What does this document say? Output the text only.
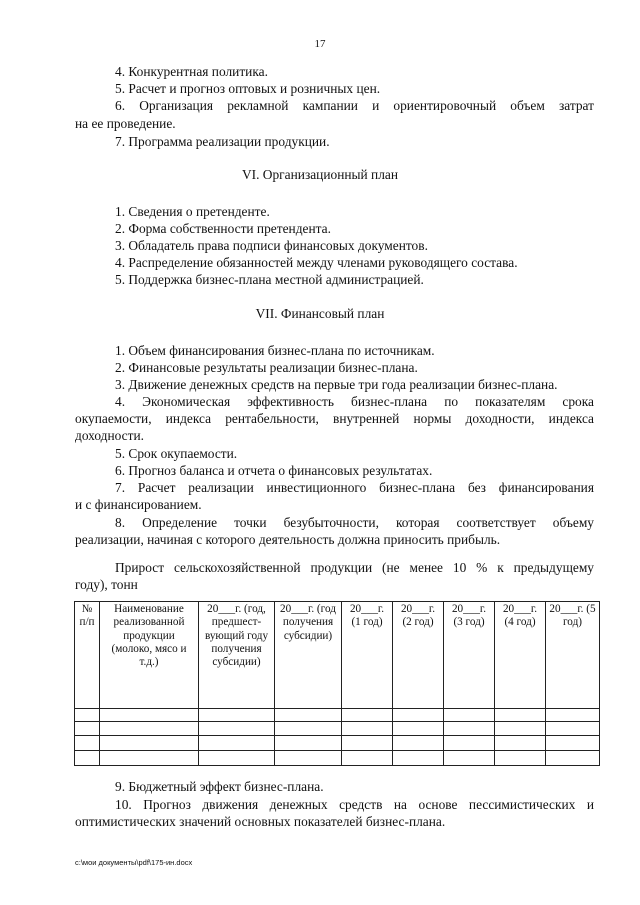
17
4. Конкурентная политика.
5. Расчет и прогноз оптовых и розничных цен.
6. Организация рекламной кампании и ориентировочный объем затрат
на ее проведение.
7. Программа реализации продукции.
VI. Организационный план
1. Сведения о претенденте.
2. Форма собственности претендента.
3. Обладатель права подписи финансовых документов.
4. Распределение обязанностей между членами руководящего состава.
5. Поддержка бизнес-плана местной администрацией.
VII. Финансовый план
1. Объем финансирования бизнес-плана по источникам.
2. Финансовые результаты реализации бизнес-плана.
3. Движение денежных средств на первые три года реализации бизнес-плана.
4. Экономическая эффективность бизнес-плана по показателям срока
окупаемости, индекса рентабельности, внутренней нормы доходности, индекса
доходности.
5. Срок окупаемости.
6. Прогноз баланса и отчета о финансовых результатах.
7. Расчет реализации инвестиционного бизнес-плана без финансирования
и с финансированием.
8. Определение точки безубыточности, которая соответствует объему
реализации, начиная с которого деятельность должна приносить прибыль.
Прирост сельскохозяйственной продукции (не менее 10 % к предыдущему
году), тонн
№ п/п	Наименование реализованной продукции (молоко, мясо и т.д.)	20___г. (год, предшест-вующий году получения субсидии)	20___г. (год получения субсидии)	20___г. (1 год)	20___г. (2 год)	20___г. (3 год)	20___г. (4 год)	20___г. (5 год)

9. Бюджетный эффект бизнес-плана.
10. Прогноз движения денежных средств на основе пессимистических и
оптимистических значений основных показателей бизнес-плана.
c:\мои документы\pdf\175-ин.docx
